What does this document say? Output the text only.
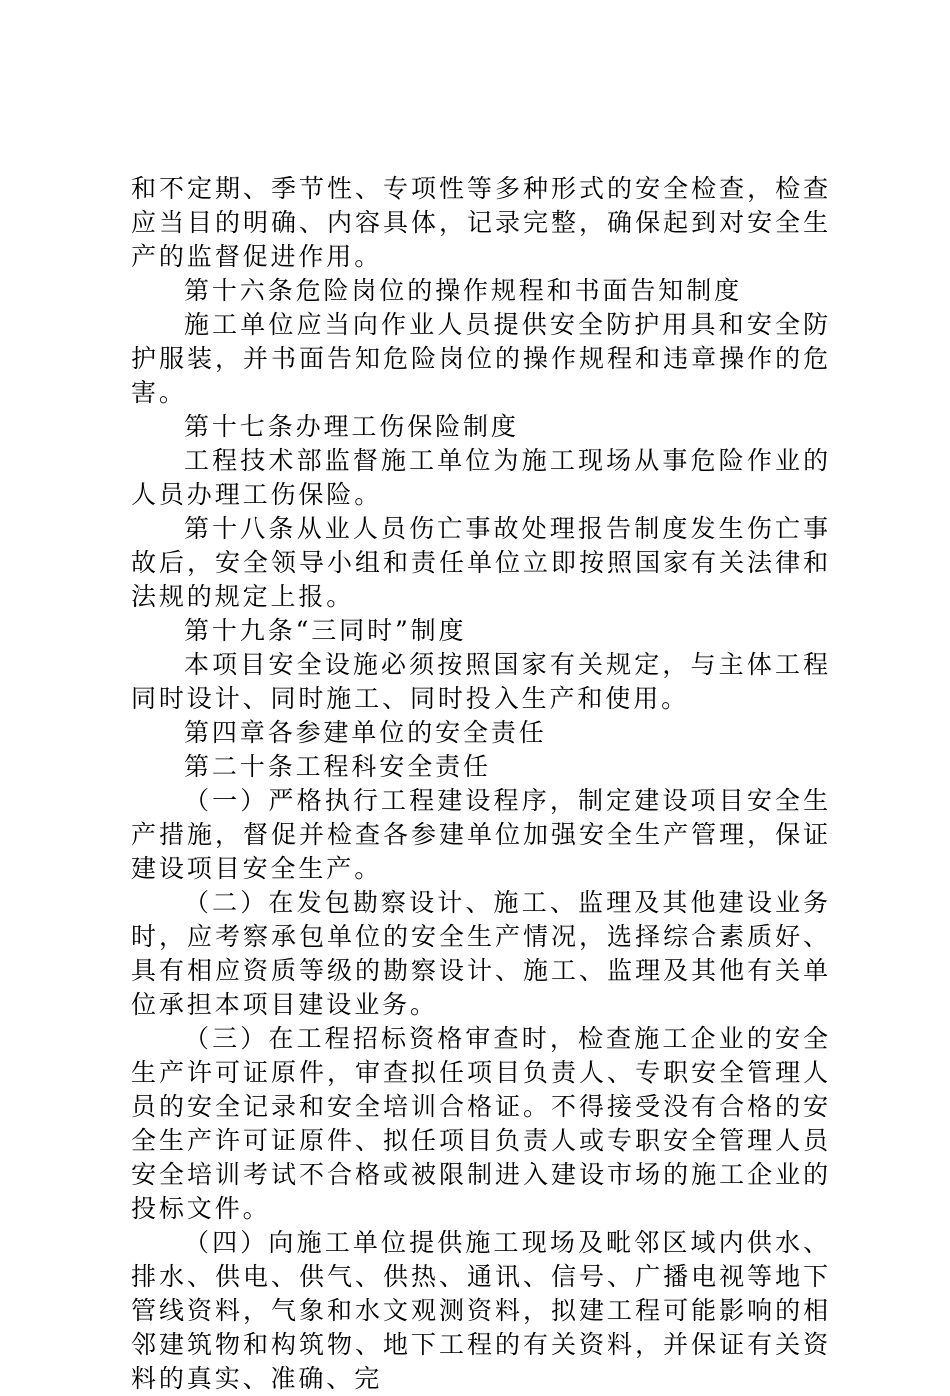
和不定期、季节性、专项性等多种形式的安全检查，检查应当目的明确、内容具体，记录完整，确保起到对安全生产的监督促进作用。

第十六条危险岗位的操作规程和书面告知制度

施工单位应当向作业人员提供安全防护用具和安全防护服装，并书面告知危险岗位的操作规程和违章操作的危害。

第十七条办理工伤保险制度

工程技术部监督施工单位为施工现场从事危险作业的人员办理工伤保险。

第十八条从业人员伤亡事故处理报告制度发生伤亡事故后，安全领导小组和责任单位立即按照国家有关法律和法规的规定上报。

第十九条“三同时”制度

本项目安全设施必须按照国家有关规定，与主体工程同时设计、同时施工、同时投入生产和使用。

第四章各参建单位的安全责任

第二十条工程科安全责任

（一）严格执行工程建设程序，制定建设项目安全生产措施，督促并检查各参建单位加强安全生产管理，保证建设项目安全生产。

（二）在发包勘察设计、施工、监理及其他建设业务时，应考察承包单位的安全生产情况，选择综合素质好、具有相应资质等级的勘察设计、施工、监理及其他有关单位承担本项目建设业务。

（三）在工程招标资格审查时，检查施工企业的安全生产许可证原件，审查拟任项目负责人、专职安全管理人员的安全记录和安全培训合格证。不得接受没有合格的安全生产许可证原件、拟任项目负责人或专职安全管理人员安全培训考试不合格或被限制进入建设市场的施工企业的投标文件。

（四）向施工单位提供施工现场及毗邻区域内供水、排水、供电、供气、供热、通讯、信号、广播电视等地下管线资料，气象和水文观测资料，拟建工程可能影响的相邻建筑物和构筑物、地下工程的有关资料，并保证有关资料的真实、准确、完
